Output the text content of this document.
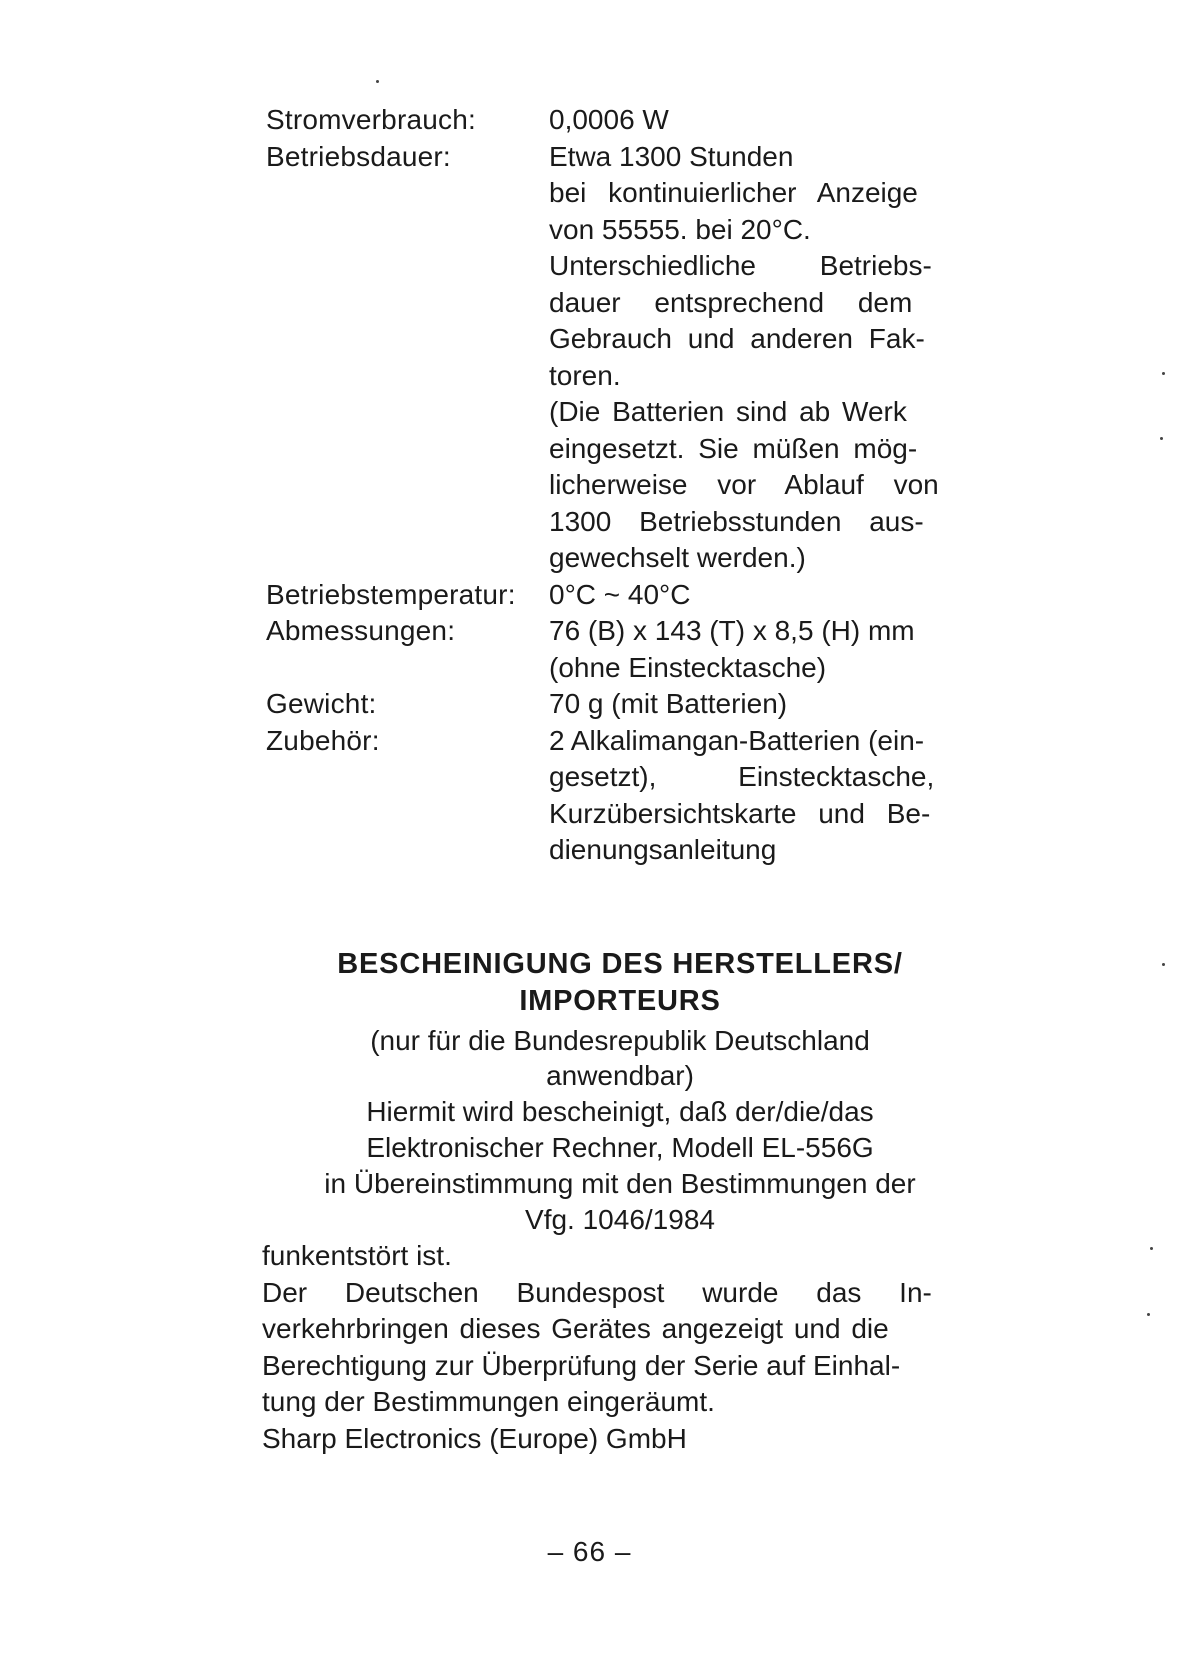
Stromverbrauch:	0,0006 W
Betriebsdauer:	Etwa 1300 Stunden
bei kontinuierlicher Anzeige
von 55555. bei 20°C.
Unterschiedliche Betriebs-
dauer entsprechend dem
Gebrauch und anderen Fak-
toren.
(Die Batterien sind ab Werk
eingesetzt. Sie müßen mög-
licherweise vor Ablauf von
1300 Betriebsstunden aus-
gewechselt werden.)
Betriebstemperatur:	0°C ~ 40°C
Abmessungen:	76 (B) x 143 (T) x 8,5 (H) mm
(ohne Einstecktasche)
Gewicht:	70 g (mit Batterien)
Zubehör:	2 Alkalimangan-Batterien (ein-
gesetzt), Einstecktasche,
Kurzübersichtskarte und Be-
dienungsanleitung
BESCHEINIGUNG DES HERSTELLERS/
IMPORTEURS
(nur für die Bundesrepublik Deutschland
anwendbar)
Hiermit wird bescheinigt, daß der/die/das
Elektronischer Rechner, Modell EL-556G
in Übereinstimmung mit den Bestimmungen der
Vfg. 1046/1984
funkentstört ist.
Der Deutschen Bundespost wurde das In-
verkehrbringen dieses Gerätes angezeigt und die
Berechtigung zur Überprüfung der Serie auf Einhal-
tung der Bestimmungen eingeräumt.
Sharp Electronics (Europe) GmbH
– 66 –
